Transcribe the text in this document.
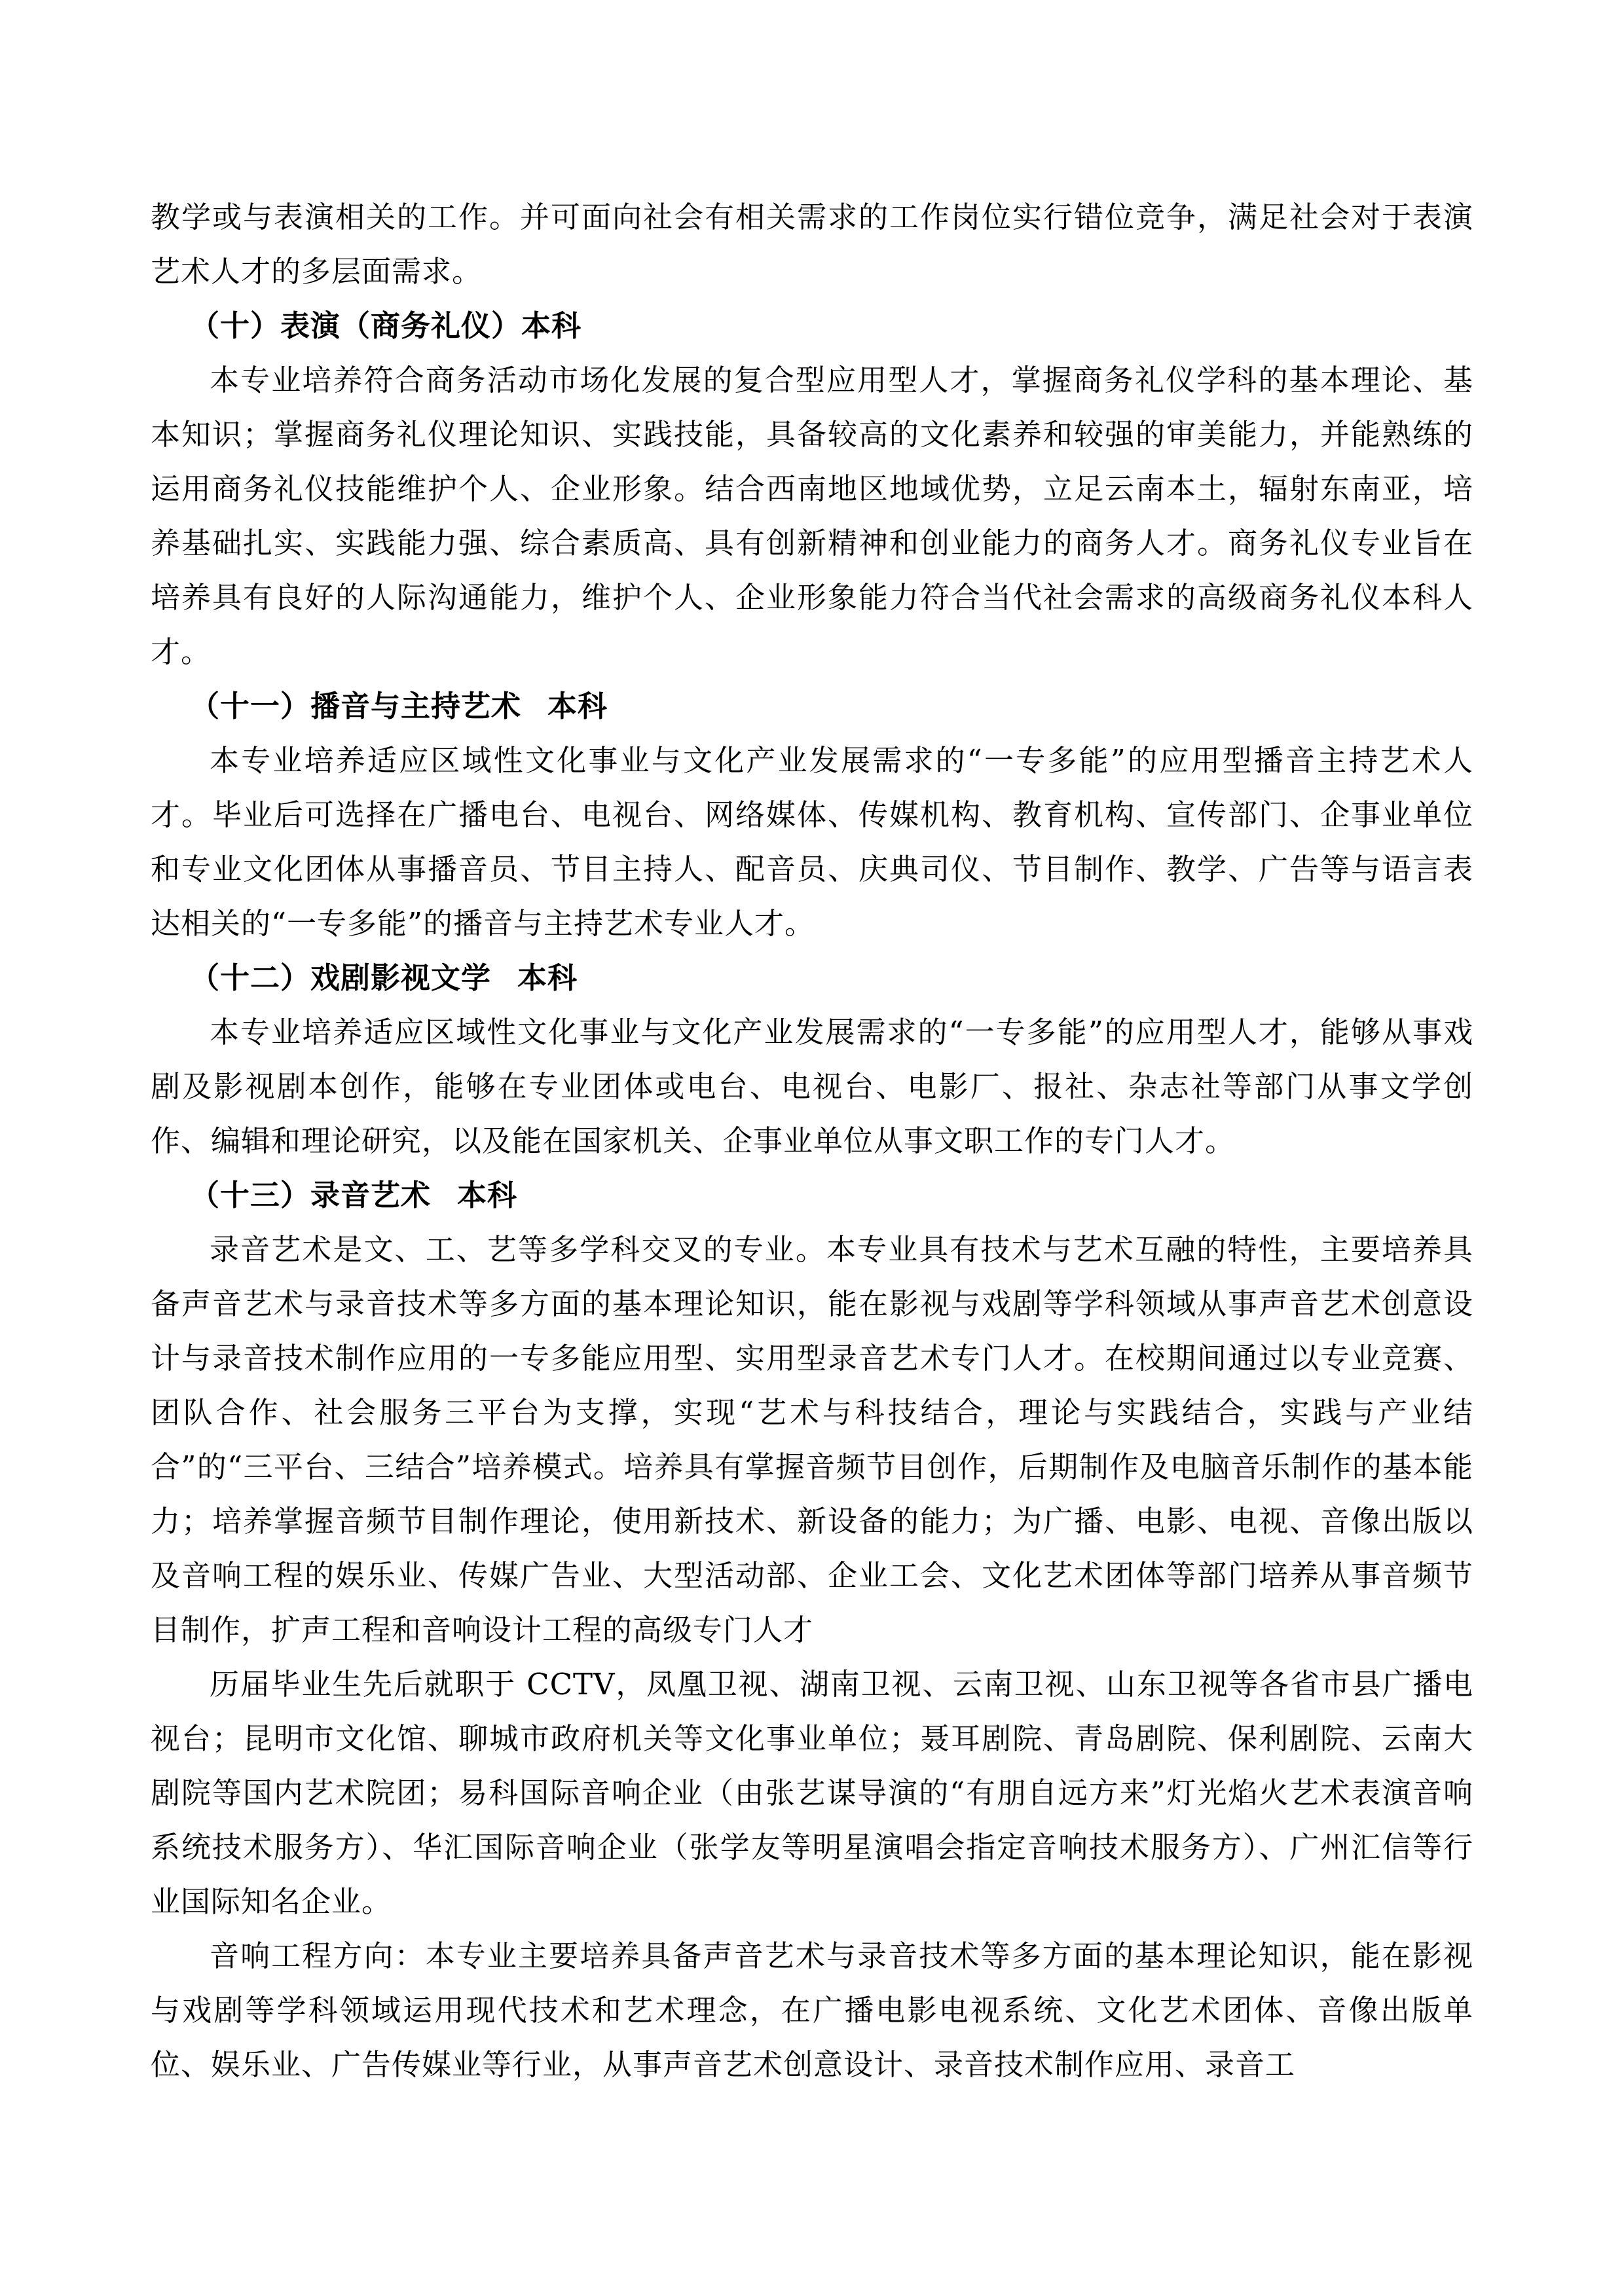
教学或与表演相关的工作。并可面向社会有相关需求的工作岗位实行错位竞争，满足社会对于表演艺术人才的多层面需求。

（十）表演（商务礼仪）本科

本专业培养符合商务活动市场化发展的复合型应用型人才，掌握商务礼仪学科的基本理论、基本知识；掌握商务礼仪理论知识、实践技能，具备较高的文化素养和较强的审美能力，并能熟练的运用商务礼仪技能维护个人、企业形象。结合西南地区地域优势，立足云南本土，辐射东南亚，培养基础扎实、实践能力强、综合素质高、具有创新精神和创业能力的商务人才。商务礼仪专业旨在培养具有良好的人际沟通能力，维护个人、企业形象能力符合当代社会需求的高级商务礼仪本科人才。

（十一）播音与主持艺术 本科

本专业培养适应区域性文化事业与文化产业发展需求的“一专多能”的应用型播音主持艺术人才。毕业后可选择在广播电台、电视台、网络媒体、传媒机构、教育机构、宣传部门、企事业单位和专业文化团体从事播音员、节目主持人、配音员、庆典司仪、节目制作、教学、广告等与语言表达相关的“一专多能”的播音与主持艺术专业人才。

（十二）戏剧影视文学 本科

本专业培养适应区域性文化事业与文化产业发展需求的“一专多能”的应用型人才，能够从事戏剧及影视剧本创作，能够在专业团体或电台、电视台、电影厂、报社、杂志社等部门从事文学创作、编辑和理论研究，以及能在国家机关、企事业单位从事文职工作的专门人才。

（十三）录音艺术 本科

录音艺术是文、工、艺等多学科交叉的专业。本专业具有技术与艺术互融的特性，主要培养具备声音艺术与录音技术等多方面的基本理论知识，能在影视与戏剧等学科领域从事声音艺术创意设计与录音技术制作应用的一专多能应用型、实用型录音艺术专门人才。在校期间通过以专业竞赛、团队合作、社会服务三平台为支撑，实现“艺术与科技结合，理论与实践结合，实践与产业结合”的“三平台、三结合”培养模式。培养具有掌握音频节目创作，后期制作及电脑音乐制作的基本能力；培养掌握音频节目制作理论，使用新技术、新设备的能力；为广播、电影、电视、音像出版以及音响工程的娱乐业、传媒广告业、大型活动部、企业工会、文化艺术团体等部门培养从事音频节目制作，扩声工程和音响设计工程的高级专门人才

历届毕业生先后就职于 CCTV，凤凰卫视、湖南卫视、云南卫视、山东卫视等各省市县广播电视台；昆明市文化馆、聊城市政府机关等文化事业单位；聂耳剧院、青岛剧院、保利剧院、云南大剧院等国内艺术院团；易科国际音响企业（由张艺谋导演的“有朋自远方来”灯光焰火艺术表演音响系统技术服务方）、华汇国际音响企业（张学友等明星演唱会指定音响技术服务方）、广州汇信等行业国际知名企业。

音响工程方向：本专业主要培养具备声音艺术与录音技术等多方面的基本理论知识，能在影视与戏剧等学科领域运用现代技术和艺术理念，在广播电影电视系统、文化艺术团体、音像出版单位、娱乐业、广告传媒业等行业，从事声音艺术创意设计、录音技术制作应用、录音工
